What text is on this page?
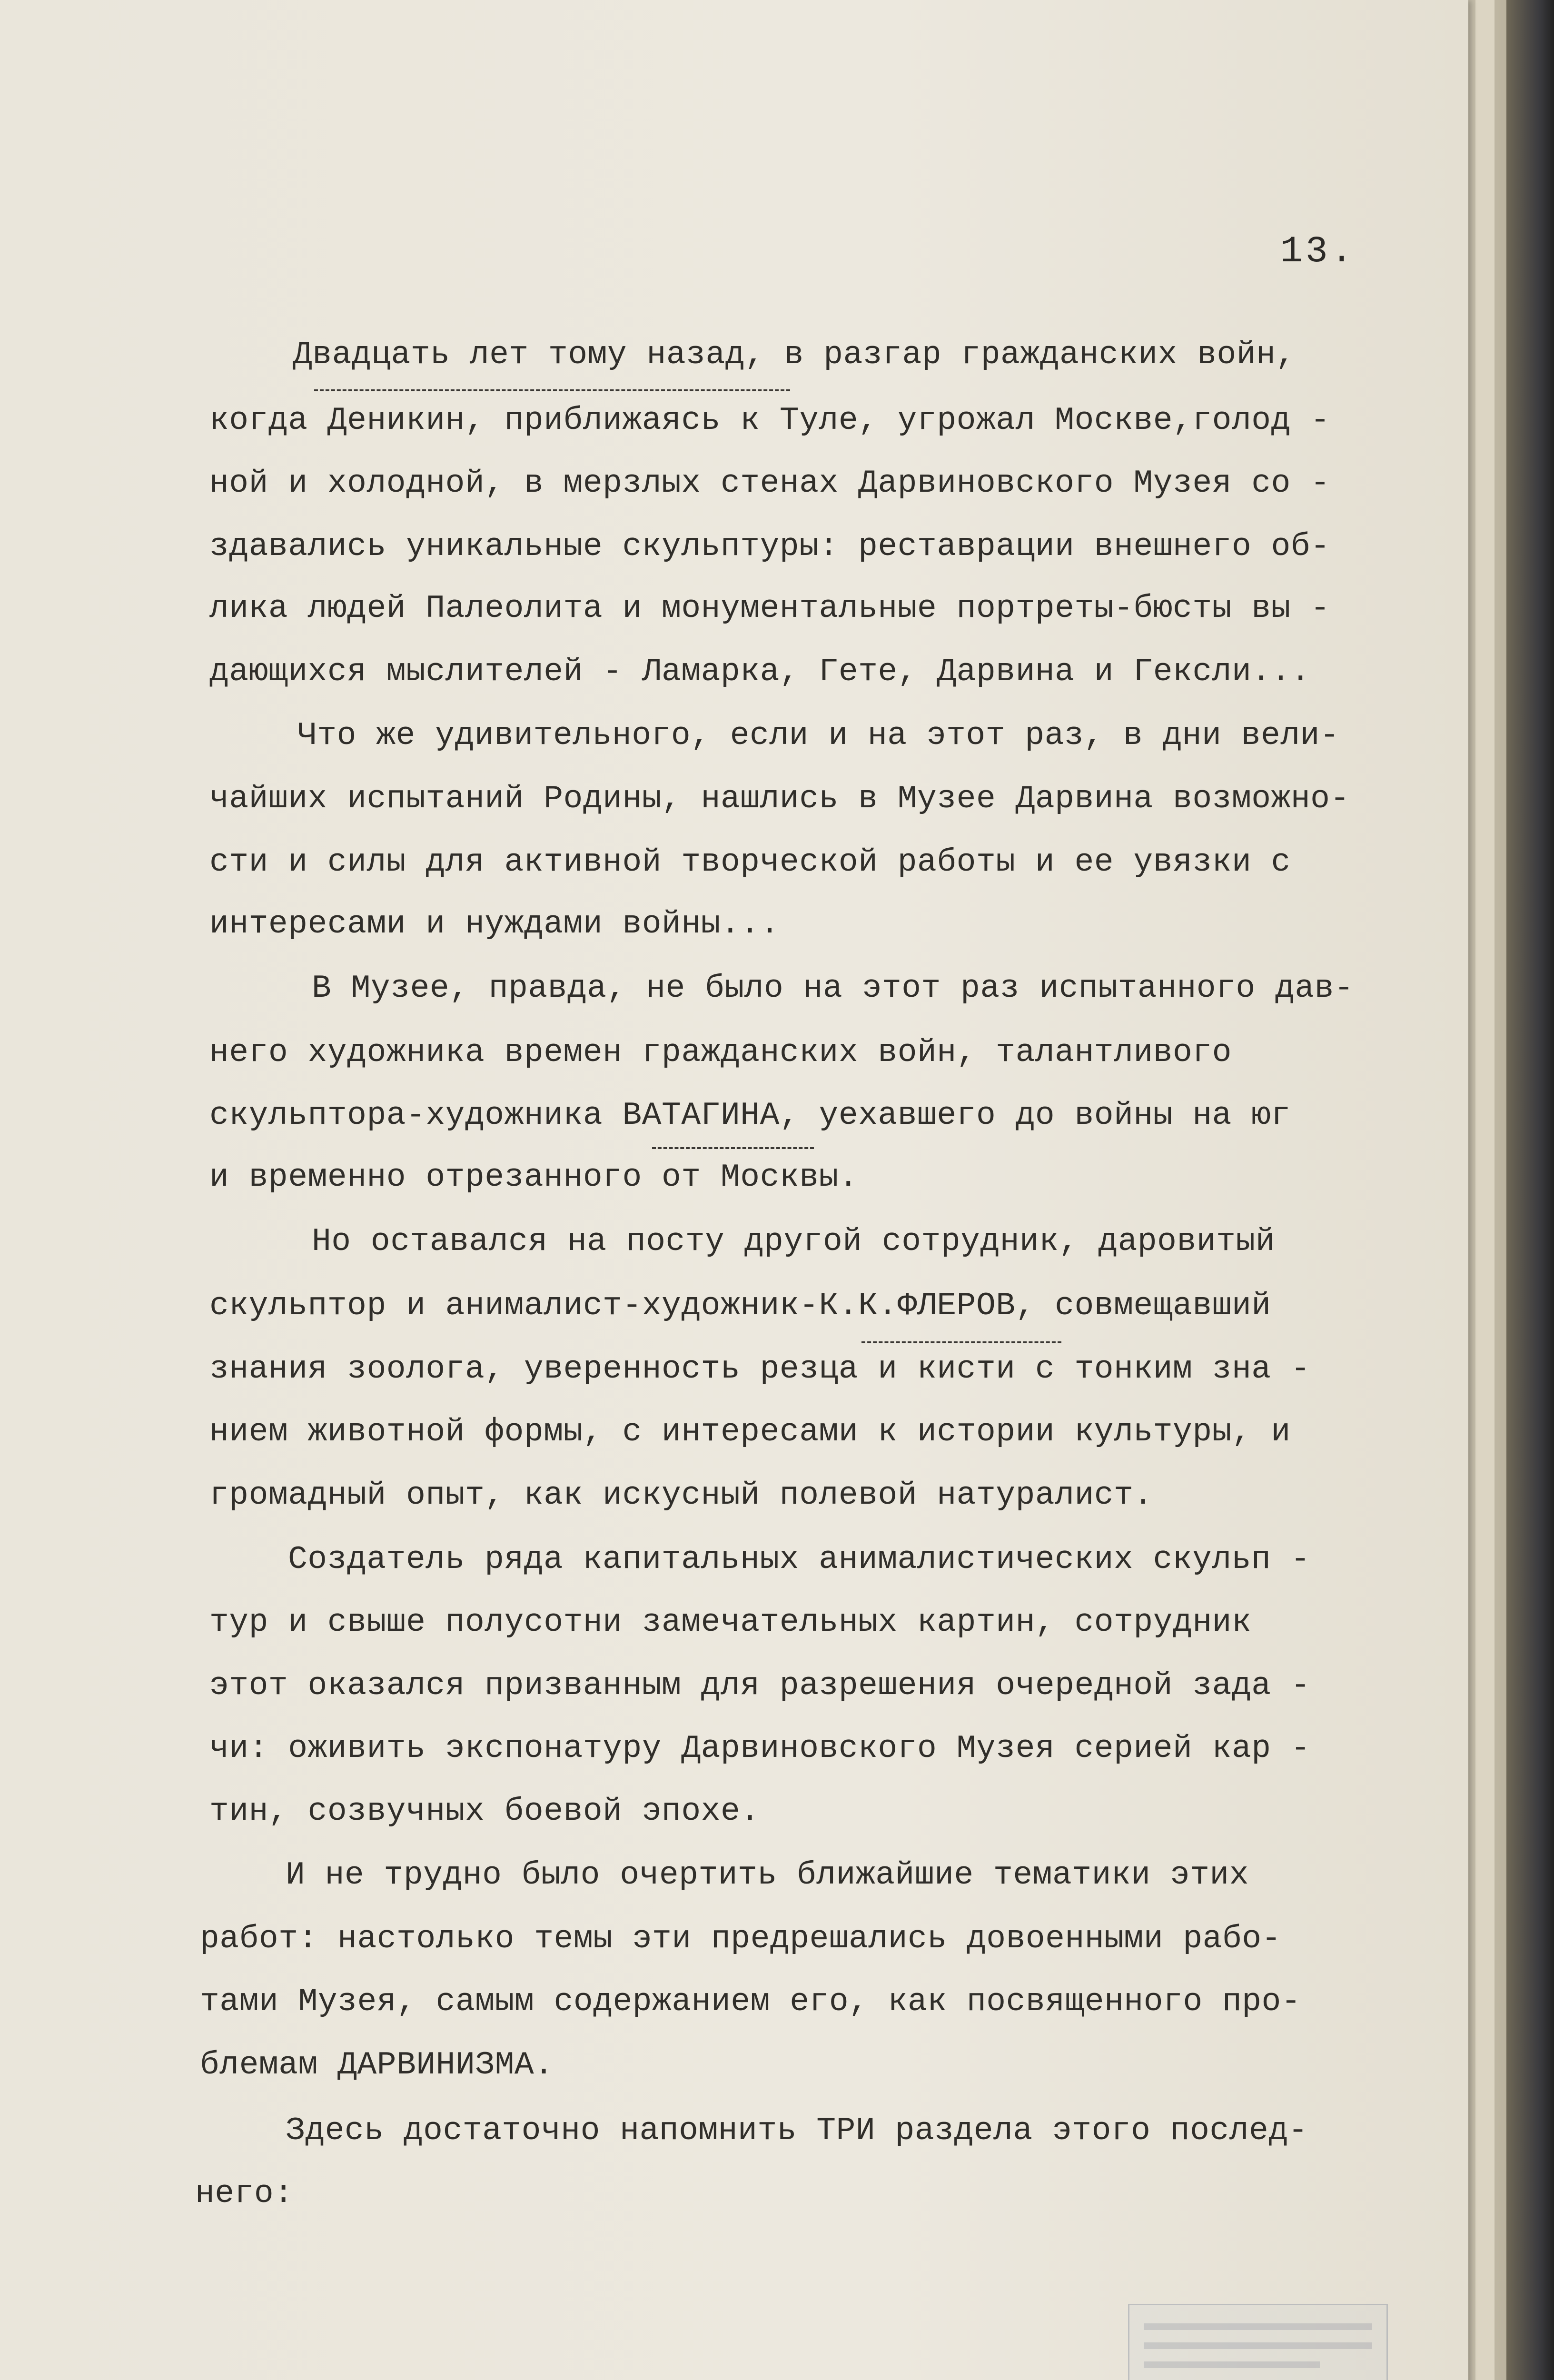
13.
Двадцать лет тому назад, в разгар гражданских войн,
когда Деникин, приближаясь к Туле, угрожал Москве,голод -
ной и холодной, в мерзлых стенах Дарвиновского Музея со -
здавались уникальные скульптуры: реставрации внешнего об-
лика людей Палеолита и монументальные портреты-бюсты вы -
дающихся мыслителей - Ламарка, Гете, Дарвина и Гексли...
Что же удивительного, если и на этот раз, в дни вели-
чайших испытаний Родины, нашлись в Музее Дарвина возможно-
сти и силы для активной творческой работы и ее увязки с
интересами и нуждами войны...
В Музее, правда, не было на этот раз испытанного дав-
него художника времен гражданских войн, талантливого
скульптора-художника ВАТАГИНА, уехавшего до войны на юг
и временно отрезанного от Москвы.
Но оставался на посту другой сотрудник, даровитый
скульптор и анималист-художник-К.К.ФЛЕРОВ, совмещавший
знания зоолога, уверенность резца и кисти с тонким зна -
нием животной формы, с интересами к истории культуры, и
громадный опыт, как искусный полевой натуралист.
Создатель ряда капитальных анималистических скульп -
тур и свыше полусотни замечательных картин, сотрудник
этот оказался призванным для разрешения очередной зада -
чи: оживить экспонатуру Дарвиновского Музея серией кар -
тин, созвучных боевой эпохе.
И не трудно было очертить ближайшие тематики этих
работ: настолько темы эти предрешались довоенными рабо-
тами Музея, самым содержанием его, как посвященного про-
блемам ДАРВИНИЗМА.
Здесь достаточно напомнить ТРИ раздела этого послед-
него:
